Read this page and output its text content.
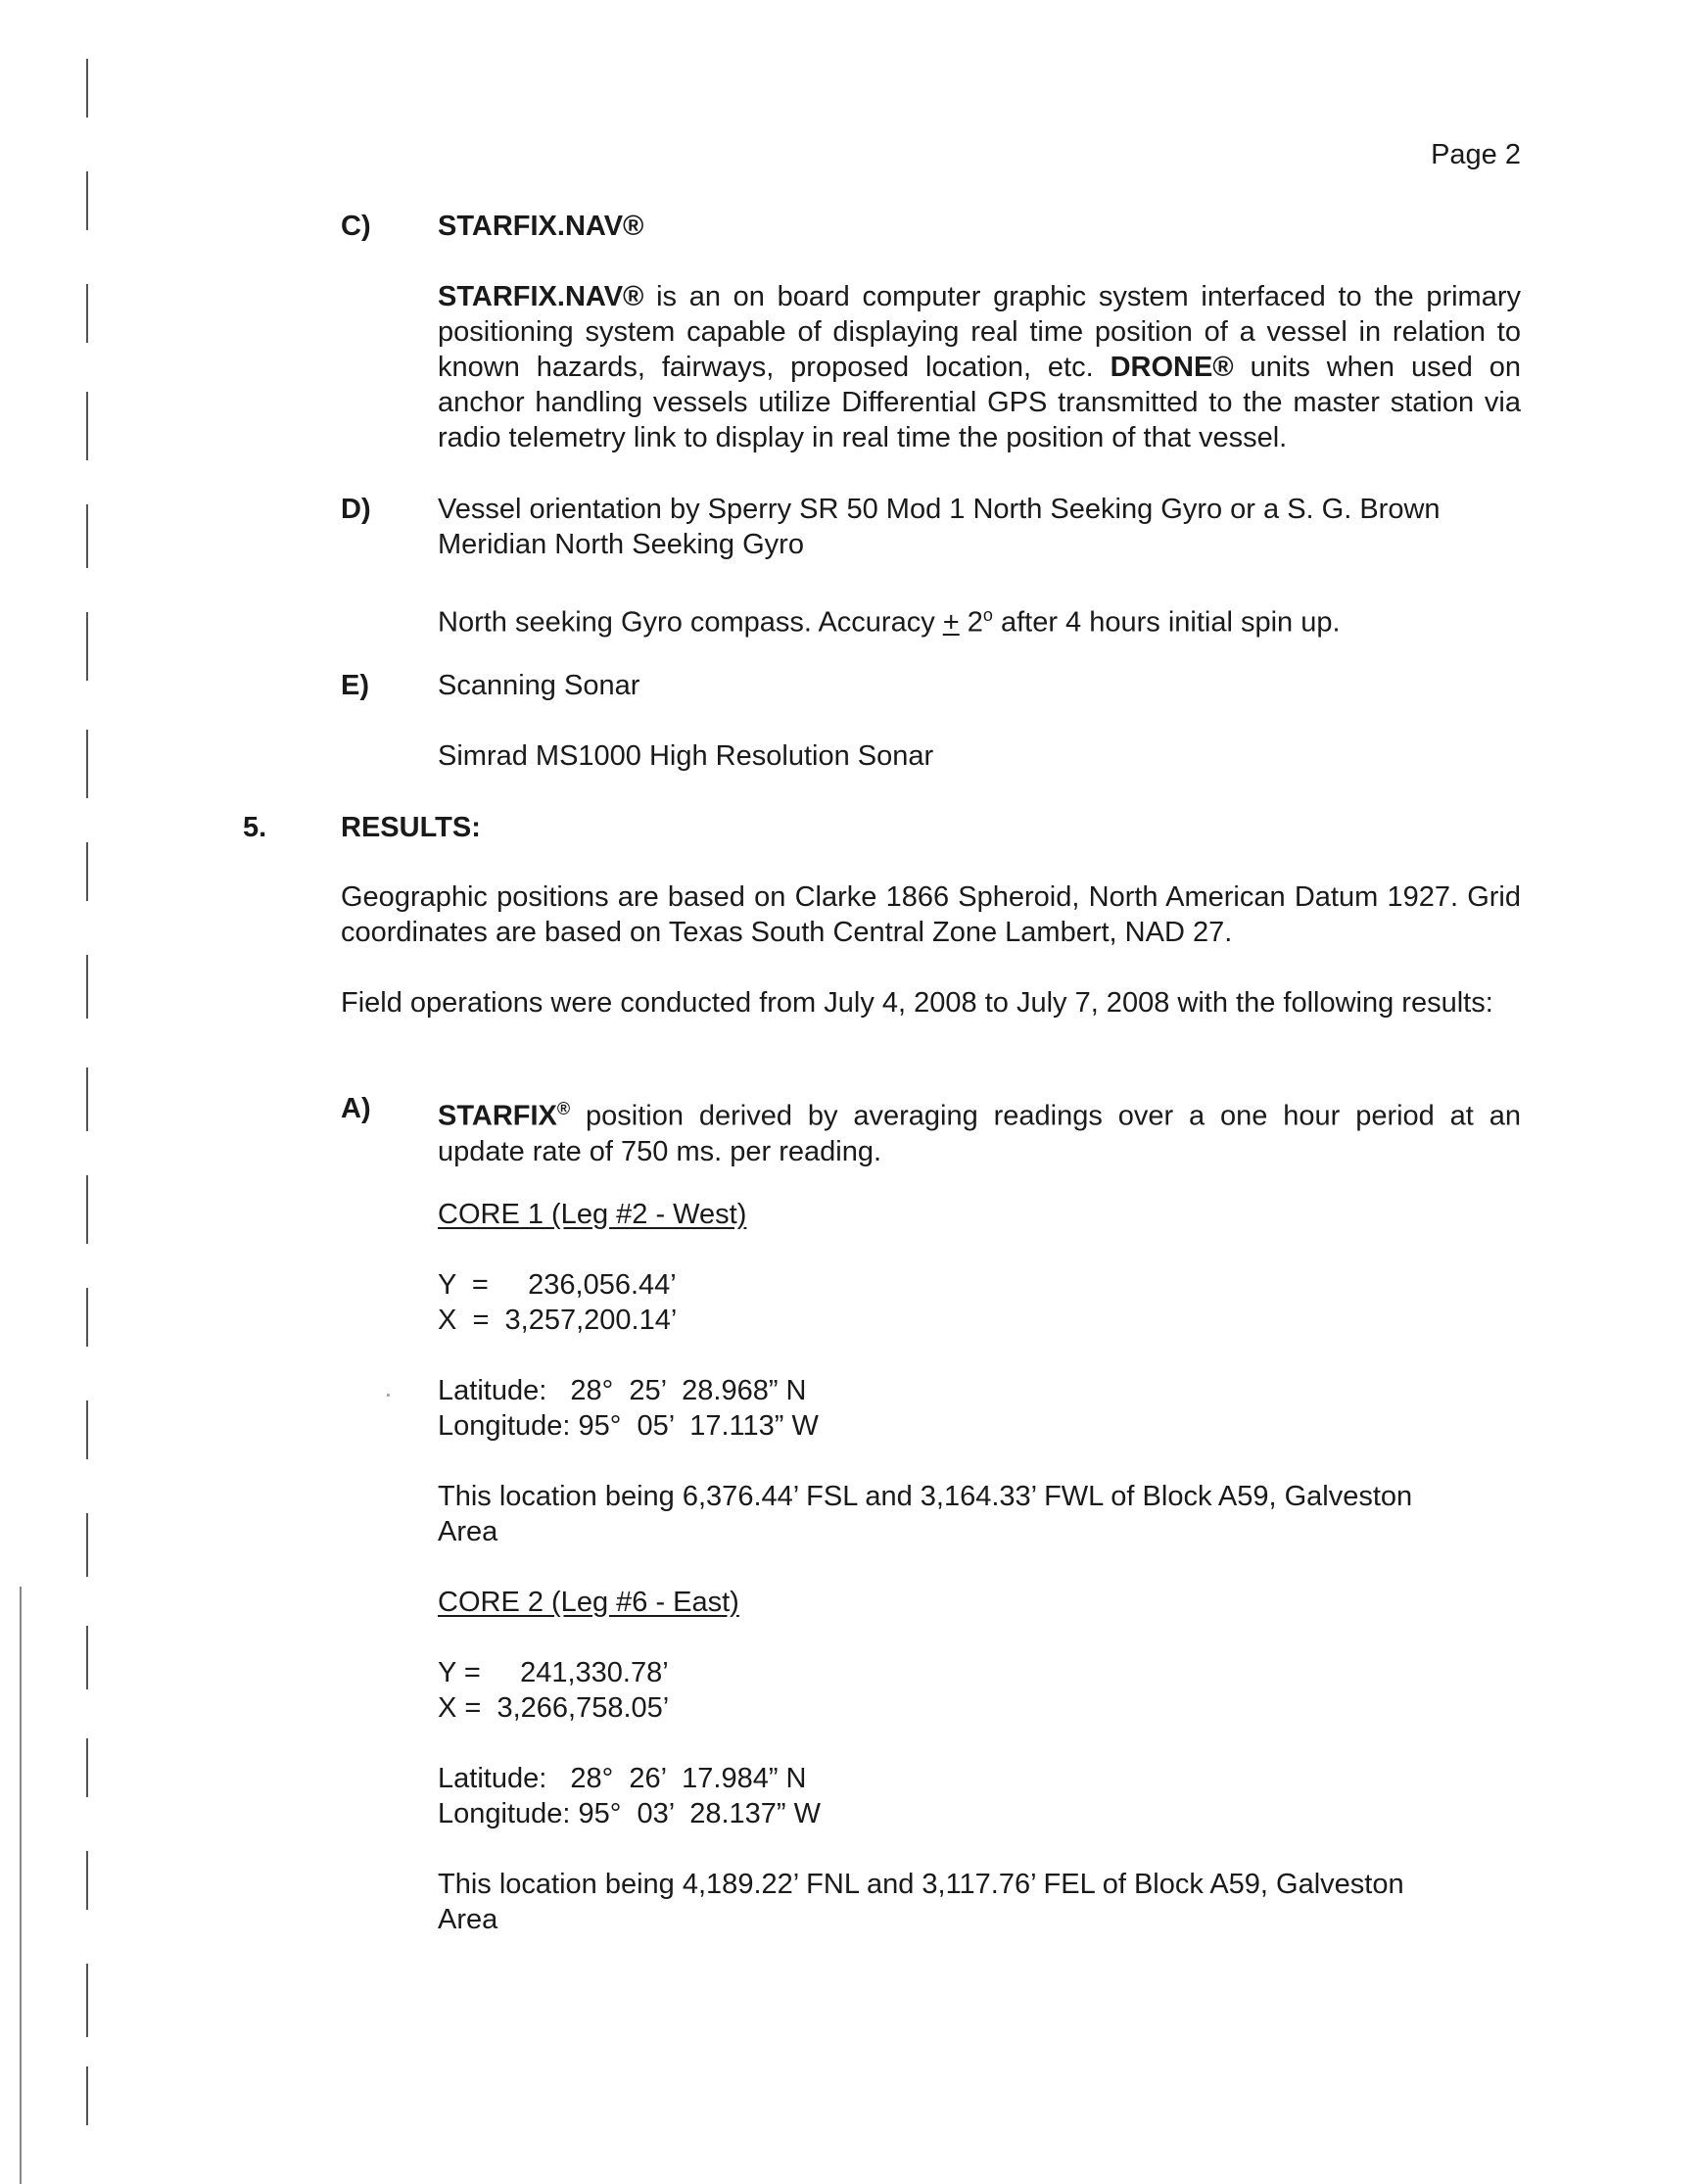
Page 2
C) STARFIX.NAV®
STARFIX.NAV® is an on board computer graphic system interfaced to the primary positioning system capable of displaying real time position of a vessel in relation to known hazards, fairways, proposed location, etc. DRONE® units when used on anchor handling vessels utilize Differential GPS transmitted to the master station via radio telemetry link to display in real time the position of that vessel.
D) Vessel orientation by Sperry SR 50 Mod 1 North Seeking Gyro or a S. G. Brown
Meridian North Seeking Gyro
North seeking Gyro compass. Accuracy + $2^o$ after 4 hours initial spin up.
E) Scanning Sonar
Simrad MS1000 High Resolution Sonar
5.	RESULTS:
Geographic positions are based on Clarke 1866 Spheroid, North American Datum 1927. Grid coordinates are based on Texas South Central Zone Lambert, NAD 27.
Field operations were conducted from July 4, 2008 to July 7, 2008 with the following results:
A) STARFIX® position derived by averaging readings over a one hour period at an update rate of 750 ms. per reading.
CORE 1 (Leg #2 - West)
Y  =     236,056.44’
X  =  3,257,200.14’
Latitude:   28°  25’  28.968” N
Longitude: 95°  05’  17.113” W
This location being 6,376.44’ FSL and 3,164.33’ FWL of Block A59, Galveston Area
CORE 2 (Leg #6 - East)
Y =     241,330.78’
X =  3,266,758.05’
Latitude:   28°  26’  17.984” N
Longitude: 95°  03’  28.137” W
This location being 4,189.22’ FNL and 3,117.76’ FEL of Block A59, Galveston Area
